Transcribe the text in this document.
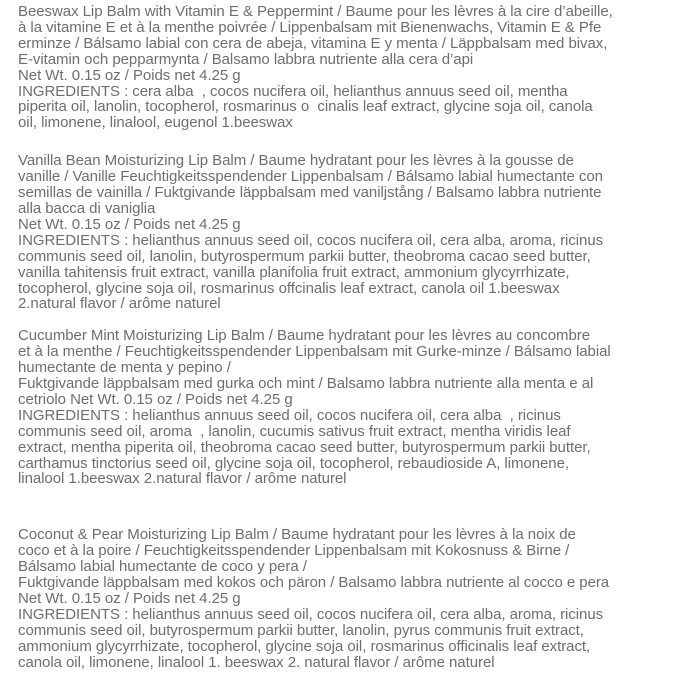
Beeswax Lip Balm with Vitamin E & Peppermint / Baume pour les lèvres à la cire d’abeille,
à la vitamine E et à la menthe poivrée / Lippenbalsam mit Bienenwachs, Vitamin E & Pfe
erminze / Bálsamo labial con cera de abeja, vitamina E y menta / Läppbalsam med bivax,
E-vitamin och pepparmynta / Balsamo labbra nutriente alla cera d’api
Net Wt. 0.15 oz / Poids net 4.25 g
INGREDIENTS : cera alba  , cocos nucifera oil, helianthus annuus seed oil, mentha
piperita oil, lanolin, tocopherol, rosmarinus o  cinalis leaf extract, glycine soja oil, canola
oil, limonene, linalool, eugenol 1.beeswax
Vanilla Bean Moisturizing Lip Balm / Baume hydratant pour les lèvres à la gousse de
vanille / Vanille Feuchtigkeitsspendender Lippenbalsam / Bálsamo labial humectante con
semillas de vainilla / Fuktgivande läppbalsam med vaniljstång / Balsamo labbra nutriente
alla bacca di vaniglia
Net Wt. 0.15 oz / Poids net 4.25 g
INGREDIENTS : helianthus annuus seed oil, cocos nucifera oil, cera alba, aroma, ricinus
communis seed oil, lanolin, butyrospermum parkii butter, theobroma cacao seed butter,
vanilla tahitensis fruit extract, vanilla planifolia fruit extract, ammonium glycyrrhizate,
tocopherol, glycine soja oil, rosmarinus offcinalis leaf extract, canola oil 1.beeswax
2.natural flavor / arôme naturel
Cucumber Mint Moisturizing Lip Balm / Baume hydratant pour les lèvres au concombre
et à la menthe / Feuchtigkeitsspendender Lippenbalsam mit Gurke-minze / Bálsamo labial
humectante de menta y pepino /
Fuktgivande läppbalsam med gurka och mint / Balsamo labbra nutriente alla menta e al
cetriolo Net Wt. 0.15 oz / Poids net 4.25 g
INGREDIENTS : helianthus annuus seed oil, cocos nucifera oil, cera alba  , ricinus
communis seed oil, aroma  , lanolin, cucumis sativus fruit extract, mentha viridis leaf
extract, mentha piperita oil, theobroma cacao seed butter, butyrospermum parkii butter,
carthamus tinctorius seed oil, glycine soja oil, tocopherol, rebaudioside A, limonene,
linalool 1.beeswax 2.natural flavor / arôme naturel
Coconut & Pear Moisturizing Lip Balm / Baume hydratant pour les lèvres à la noix de
coco et à la poire / Feuchtigkeitsspendender Lippenbalsam mit Kokosnuss & Birne /
Bálsamo labial humectante de coco y pera /
Fuktgivande läppbalsam med kokos och päron / Balsamo labbra nutriente al cocco e pera
Net Wt. 0.15 oz / Poids net 4.25 g
INGREDIENTS : helianthus annuus seed oil, cocos nucifera oil, cera alba, aroma, ricinus
communis seed oil, butyrospermum parkii butter, lanolin, pyrus communis fruit extract,
ammonium glycyrrhizate, tocopherol, glycine soja oil, rosmarinus officinalis leaf extract,
canola oil, limonene, linalool 1. beeswax 2. natural flavor / arôme naturel
